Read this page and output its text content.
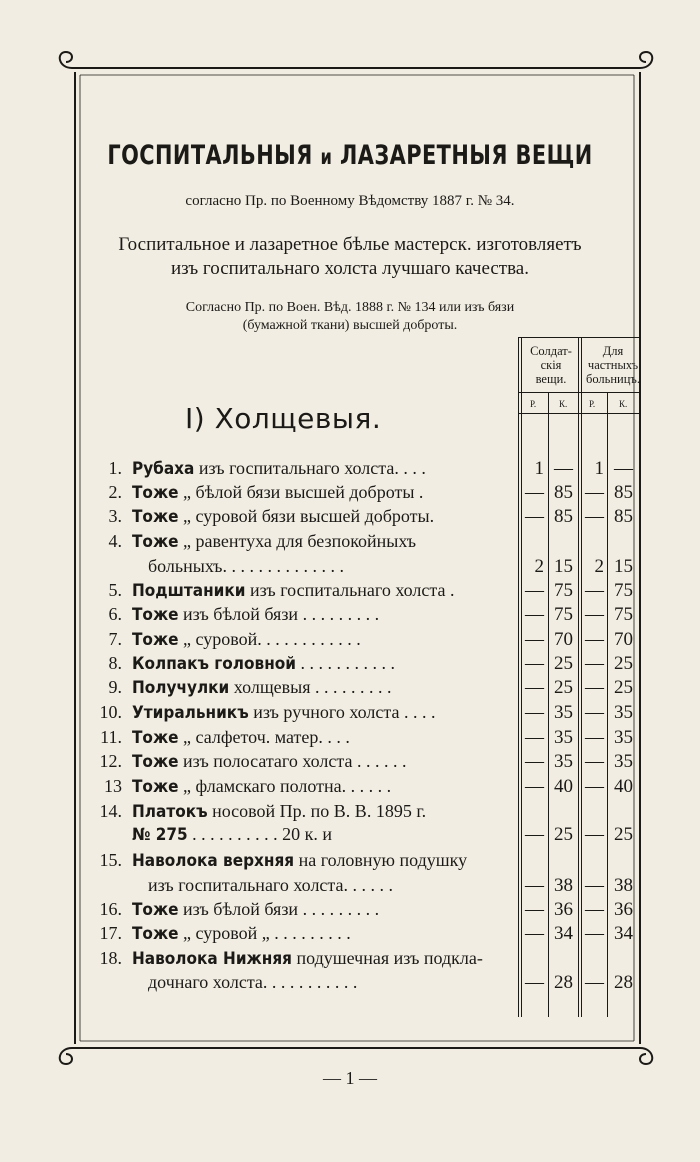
ГОСПИТАЛЬНЫЯ и ЛАЗАРЕТНЫЯ ВЕЩИ
согласно Пр. по Военному Вѣдомству 1887 г. № 34.
Госпитальное и лазаретное бѣлье мастерск. изготовляетъ
изъ госпитальнаго холста лучшаго качества.
Согласно Пр. по Воен. Вѣд. 1888 г. № 134 или изъ бязи
(бумажной ткани) высшей доброты.
Солдат-
скія
вещи.
Для
частныхъ
больницъ.
Р.	К. Р.	К.
I) Холщевыя.
1. Рубаха изъ госпитальнаго холста. . . .	1 —	1 —
2. Тоже „ бѣлой бязи высшей доброты .	— 85 — 85
3. Тоже „ суровой бязи высшей доброты.	— 85 — 85
4. Тоже „ равентуха для безпокойныхъ
больныхъ. . . . . . . . . . . . . .	2 15	2 15
5. Подштаники изъ госпитальнаго холста .	— 75 — 75
6. Тоже изъ бѣлой бязи . . . . . . . . .	— 75 — 75
7. Тоже „ суровой. . . . . . . . . . . .	— 70 — 70
8. Колпакъ головной . . . . . . . . . . .	— 25 — 25
9. Получулки холщевыя . . . . . . . . .	— 25 — 25
10. Утиральникъ изъ ручного холста . . . .	— 35 — 35
11. Тоже „ салфеточ. матер. . . .	— 35 — 35
12. Тоже изъ полосатаго холста . . . . . .	— 35 — 35
13 Тоже „ фламскаго полотна. . . . . .	— 40 — 40
14. Платокъ носовой Пр. по В. В. 1895 г.
№ 275 . . . . . . . . . . 20 к. и	— 25 — 25
15. Наволока верхняя на головную подушку
изъ госпитальнаго холста. . . . . .	— 38 — 38
16. Тоже изъ бѣлой бязи . . . . . . . . .	— 36 — 36
17. Тоже „ суровой „ . . . . . . . . .	— 34 — 34
18. Наволока Нижняя подушечная изъ подкла-
дочнаго холста. . . . . . . . . . .	— 28 — 28
— 1 —
